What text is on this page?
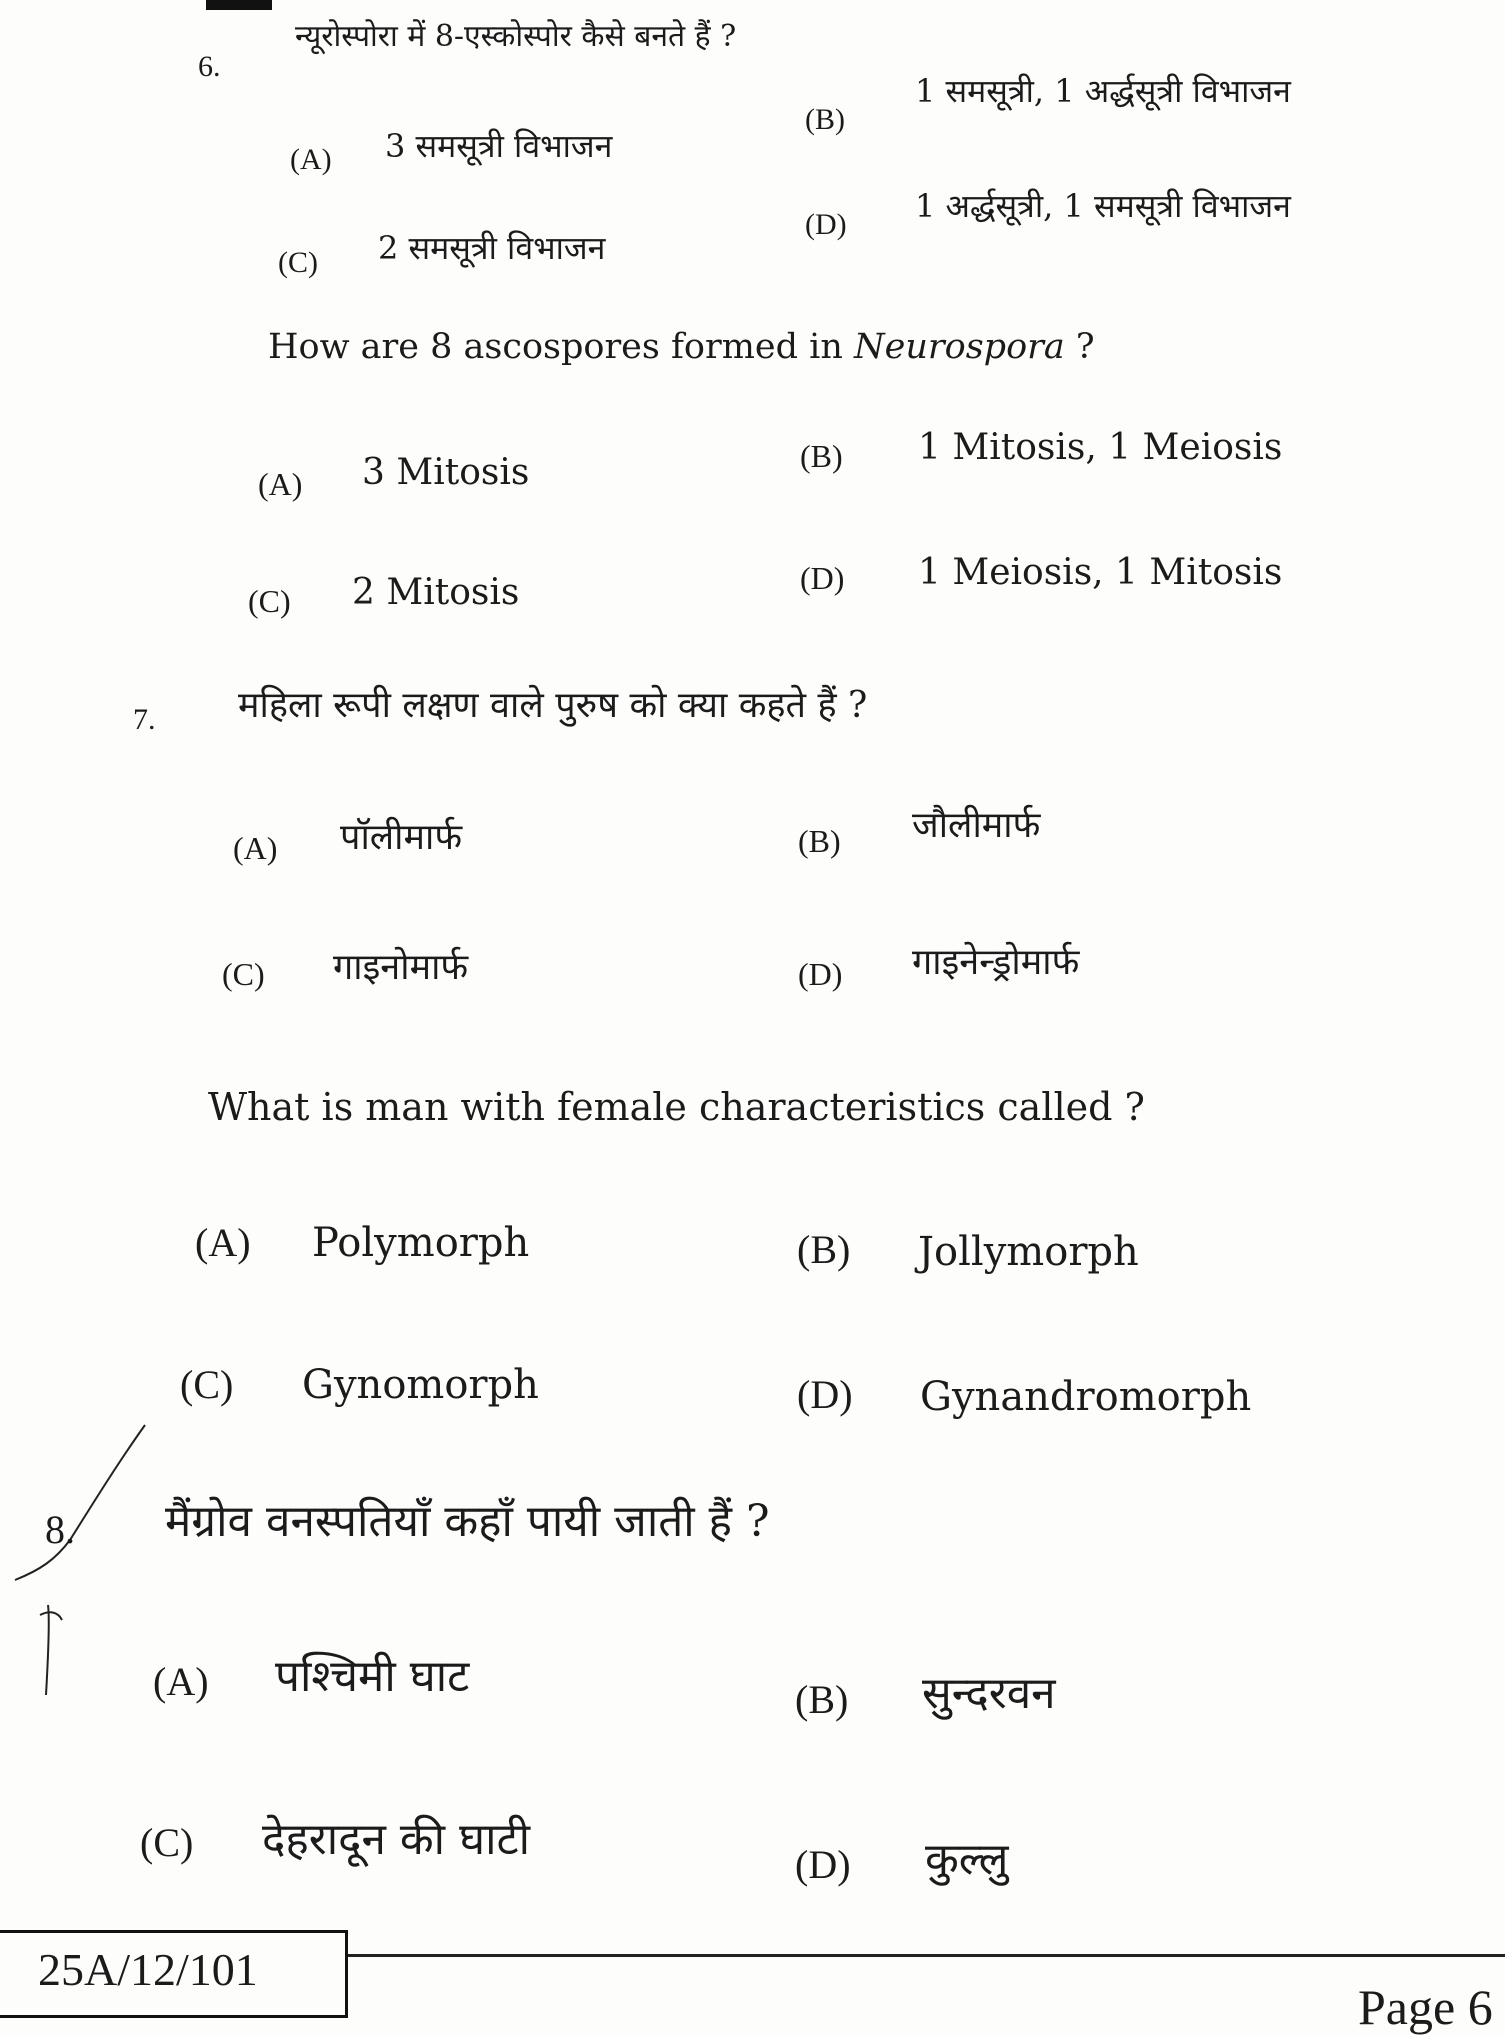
6.
न्यूरोस्पोरा में 8-एस्कोस्पोर कैसे बनते हैं ?
(A) 3 समसूत्री विभाजन
(B)
1 समसूत्री, 1 अर्द्धसूत्री विभाजन
(C) 2 समसूत्री विभाजन
(D) 1 अर्द्धसूत्री, 1 समसूत्री विभाजन
How are 8 ascospores formed in Neurospora ?
(A) 3 Mitosis	(B) 1 Mitosis, 1 Meiosis
(C) 2 Mitosis	(D) 1 Meiosis, 1 Mitosis
7. महिला रूपी लक्षण वाले पुरुष को क्या कहते हैं ?
(A) पॉलीमार्फ	(B) जौलीमार्फ
(C) गाइनोमार्फ	(D) गाइनेन्ड्रोमार्फ
What is man with female characteristics called ?
(A) Polymorph	(B) Jollymorph
(C) Gynomorph	(D) Gynandromorph
8. मैंग्रोव वनस्पतियाँ कहाँ पायी जाती हैं ?
(A) पश्चिमी घाट	(B) सुन्दरवन
(C) देहरादून की घाटी	(D) कुल्लु
25A/12/101
Page 6
